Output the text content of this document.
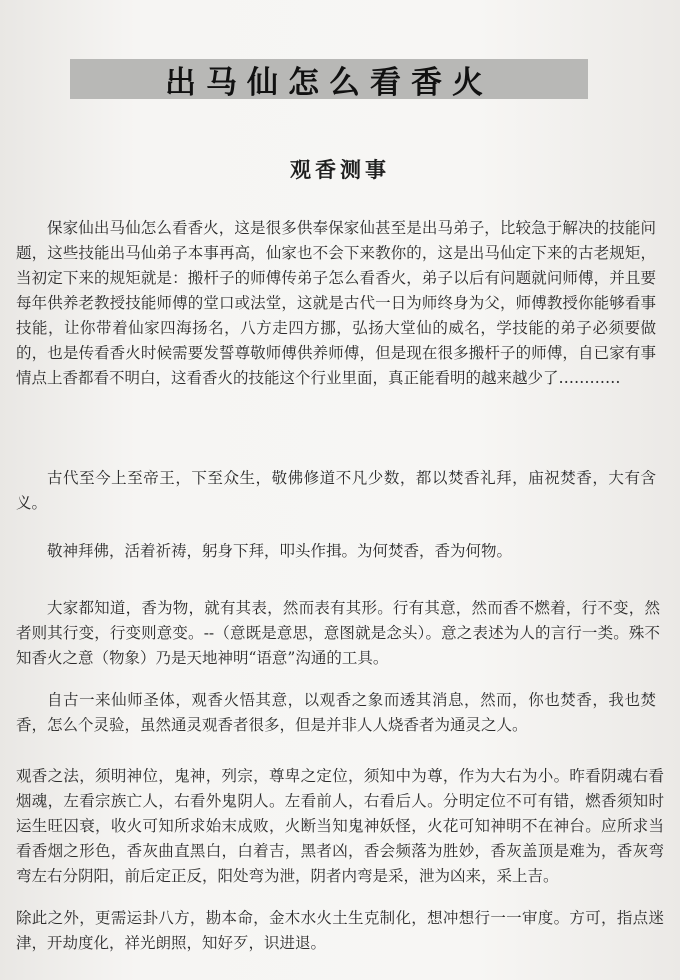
出马仙怎么看香火
观香测事

保家仙出马仙怎么看香火，这是很多供奉保家仙甚至是出马弟子，比较急于解决的技能问题，这些技能出马仙弟子本事再高，仙家也不会下来教你的，这是出马仙定下来的古老规矩，当初定下来的规矩就是：搬杆子的师傅传弟子怎么看香火，弟子以后有问题就问师傅，并且要每年供养老教授技能师傅的堂口或法堂，这就是古代一日为师终身为父，师傅教授你能够看事技能，让你带着仙家四海扬名，八方走四方挪，弘扬大堂仙的威名，学技能的弟子必须要做的，也是传看香火时候需要发誓尊敬师傅供养师傅，但是现在很多搬杆子的师傅，自已家有事情点上香都看不明白，这看香火的技能这个行业里面，真正能看明的越来越少了…………

古代至今上至帝王，下至众生，敬佛修道不凡少数，都以焚香礼拜，庙祝焚香，大有含义。

敬神拜佛，活着祈祷，躬身下拜，叩头作揖。为何焚香，香为何物。

大家都知道，香为物，就有其表，然而表有其形。行有其意，然而香不燃着，行不变，然者则其行变，行变则意变。--（意既是意思，意图就是念头）。意之表述为人的言行一类。殊不知香火之意（物象）乃是天地神明“语意”沟通的工具。

自古一来仙师圣体，观香火悟其意，以观香之象而透其消息，然而，你也焚香，我也焚香，怎么个灵验，虽然通灵观香者很多，但是并非人人烧香者为通灵之人。

观香之法，须明神位，鬼神，列宗，尊卑之定位，须知中为尊，作为大右为小。昨看阴魂右看烟魂，左看宗族亡人，右看外鬼阴人。左看前人，右看后人。分明定位不可有错，燃香须知时运生旺囚衰，收火可知所求始末成败，火断当知鬼神妖怪，火花可知神明不在神台。应所求当看香烟之形色，香灰曲直黑白，白着吉，黑者凶，香会频落为胜妙，香灰盖顶是难为，香灰弯弯左右分阴阳，前后定正反，阳处弯为泄，阴者内弯是采，泄为凶来，采上吉。

除此之外，更需运卦八方，勘本命，金木水火土生克制化，想冲想行一一审度。方可，指点迷津，开劫度化，祥光朗照，知好歹，识进退。
